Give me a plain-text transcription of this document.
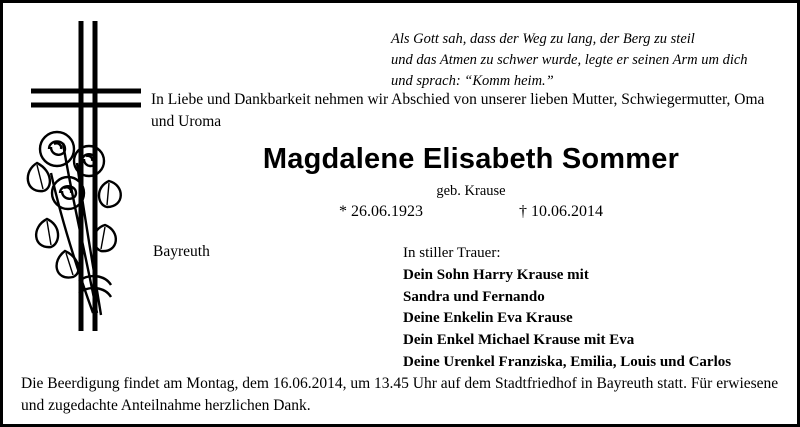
Als Gott sah, dass der Weg zu lang, der Berg zu steil
und das Atmen zu schwer wurde, legte er seinen Arm um dich
und sprach: “Komm heim.”
In Liebe und Dankbarkeit nehmen wir Abschied von unserer lieben Mutter, Schwiegermutter, Oma und Uroma
Magdalene Elisabeth Sommer
geb. Krause
* 26.06.1923	† 10.06.2014
Bayreuth	In stiller Trauer:
Dein Sohn Harry Krause mit
Sandra und Fernando
Deine Enkelin Eva Krause
Dein Enkel Michael Krause mit Eva
Deine Urenkel Franziska, Emilia, Louis und Carlos
Die Beerdigung findet am Montag, dem 16.06.2014, um 13.45 Uhr auf dem Stadtfriedhof in Bayreuth statt. Für erwiesene und zugedachte Anteilnahme herzlichen Dank.
